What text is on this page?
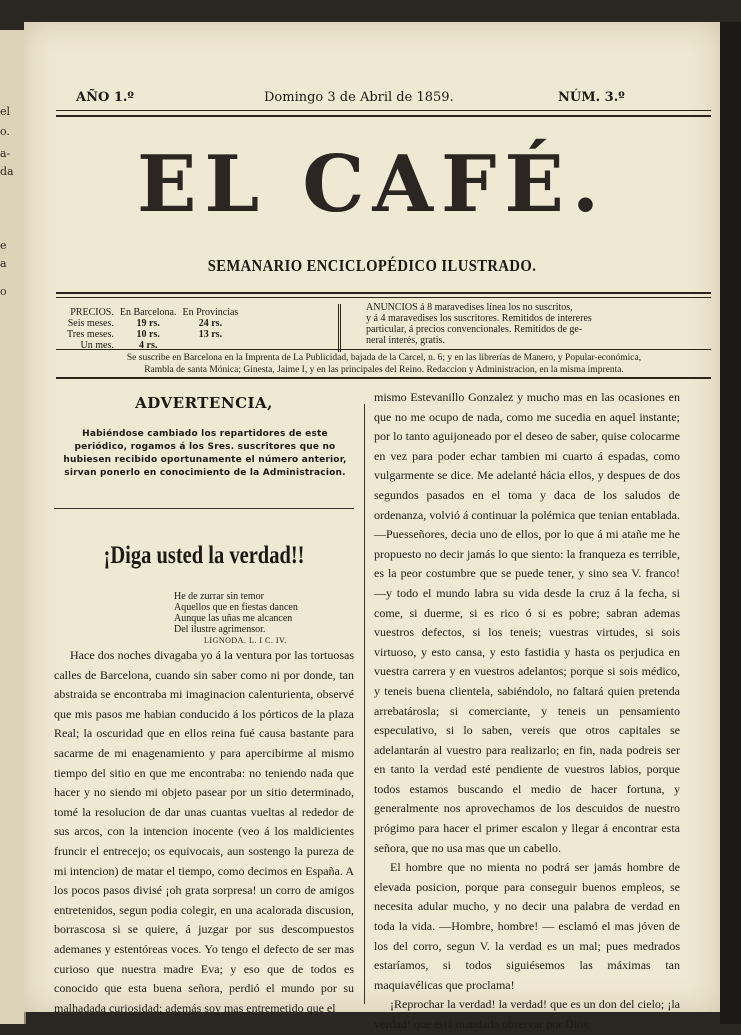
el
o.
a-
da
e
a
o
AÑO 1.º	Domingo 3 de Abril de 1859.	NÚM. 3.º
EL CAFÉ.
SEMANARIO ENCICLOPÉDICO ILUSTRADO.
PRECIOS.	En Barcelona.	En Provincias
Seis meses.	19 rs.	24 rs.
Tres meses.	10 rs.	13 rs.
Un mes.	4 rs.	
ANUNCIOS á 8 maravedises línea los no suscritos,
y á 4 maravedises los suscritores. Remitidos de intereres
particular, á precios convencionales. Remitidos de ge-
neral interés, gratis.
Se suscribe en Barcelona en la Imprenta de La Publicidad, bajada de la Carcel, n. 6; y en las librerías de Manero, y Popular-económica,
Rambla de santa Mónica; Ginesta, Jaime I, y en las principales del Reino. Redaccion y Administracion, en la misma imprenta.
ADVERTENCIA,
Habiéndose cambiado los repartidores de este periódico, rogamos á los Sres. suscritores que no hubiesen recibido oportunamente el número anterior, sirvan ponerlo en conocimiento de la Administracion.
¡Diga usted la verdad!!
He de zurrar sin temor
Aquellos que en fiestas dancen
Aunque las uñas me alcancen
Del ilustre agrimensor.
LIGNODA. L. I C. IV.

Hace dos noches divagaba yo á la ventura por las tortuosas calles de Barcelona, cuando sin saber como ni por donde, tan abstraida se encontraba mi imaginacion calenturienta, observé que mis pasos me habian conducido á los pórticos de la plaza Real; la oscuridad que en ellos reina fué causa bastante para sacarme de mi enagenamiento y para apercibirme al mismo tiempo del sitio en que me encontraba: no teniendo nada que hacer y no siendo mi objeto pasear por un sitio determinado, tomé la resolucion de dar unas cuantas vueltas al rededor de sus arcos, con la intencion inocente (veo á los maldicientes fruncir el entrecejo; os equivocais, aun sostengo la pureza de mi intencion) de matar el tiempo, como decimos en España. A los pocos pasos divisé ¡oh grata sorpresa! un corro de amigos entretenidos, segun podia colegir, en una acalorada discusion, borrascosa si se quiere, á juzgar por sus descompuestos ademanes y estentóreas voces. Yo tengo el defecto de ser mas curioso que nuestra madre Eva; y eso que de todos es conocido que esta buena señora, perdió el mundo por su malhadada curiosidad; además soy mas entremetido que el

mismo Estevanillo Gonzalez y mucho mas en las ocasiones en que no me ocupo de nada, como me sucedia en aquel instante; por lo tanto aguijoneado por el deseo de saber, quise colocarme en vez para poder echar tambien mi cuarto á espadas, como vulgarmente se dice. Me adelanté hácia ellos, y despues de dos segundos pasados en el toma y daca de los saludos de ordenanza, volvió á continuar la polémica que tenian entablada.—Puesseñores, decia uno de ellos, por lo que á mi atañe me he propuesto no decir jamás lo que siento: la franqueza es terrible, es la peor costumbre que se puede tener, y sino sea V. franco!—y todo el mundo labra su vida desde la cruz á la fecha, si come, si duerme, si es rico ó si es pobre; sabran ademas vuestros defectos, si los teneis; vuestras virtudes, si sois virtuoso, y esto cansa, y esto fastidia y hasta os perjudica en vuestra carrera y en vuestros adelantos; porque si sois médico, y teneis buena clientela, sabiéndolo, no faltará quien pretenda arrebatárosla; si comerciante, y teneis un pensamiento especulativo, si lo saben, vereis que otros capitales se adelantarán al vuestro para realizarlo; en fin, nada podreis ser en tanto la verdad esté pendiente de vuestros labios, porque todos estamos buscando el medio de hacer fortuna, y generalmente nos aprovechamos de los descuidos de nuestro prógimo para hacer el primer escalon y llegar á encontrar esta señora, que no usa mas que un cabello.

El hombre que no mienta no podrá ser jamás hombre de elevada posicion, porque para conseguir buenos empleos, se necesita adular mucho, y no decir una palabra de verdad en toda la vida. —Hombre, hombre! — esclamó el mas jóven de los del corro, segun V. la verdad es un mal; pues medrados estaríamos, si todos siguiésemos las máximas tan maquiavélicas que proclama!

¡Reprochar la verdad! la verdad! que es un don del cielo; ¡la verdad! que está mandada observar por Dios;
